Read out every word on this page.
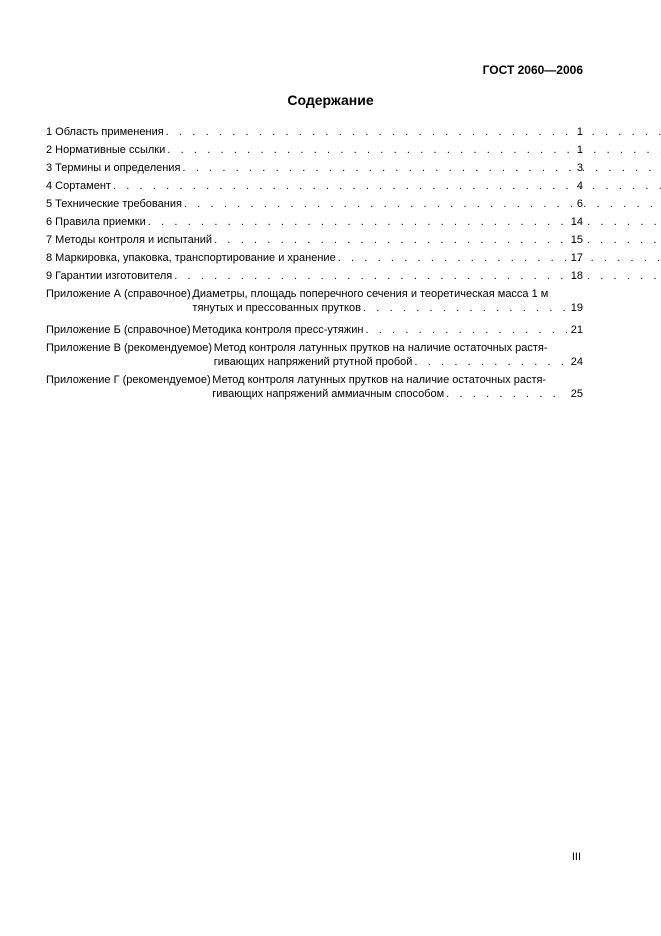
ГОСТ 2060—2006
Содержание
1 Область применения . . .	1
2 Нормативные ссылки . . .	1
3 Термины и определения . . .	3
4 Сортамент . . .	4
5 Технические требования . . .	6
6 Правила приемки . . .	14
7 Методы контроля и испытаний . . .	15
8 Маркировка, упаковка, транспортирование и хранение . . .	17
9 Гарантии изготовителя . . .	18
Приложение А (справочное) Диаметры, площадь поперечного сечения и теоретическая масса 1 м
тянутых и прессованных прутков . . .	19
Приложение Б (справочное) Методика контроля пресс-утяжин . . .	21
Приложение В (рекомендуемое) Метод контроля латунных прутков на наличие остаточных растя-
гивающих напряжений ртутной пробой . . .	24
Приложение Г (рекомендуемое) Метод контроля латунных прутков на наличие остаточных растя-
гивающих напряжений аммиачным способом . . .	25
III
